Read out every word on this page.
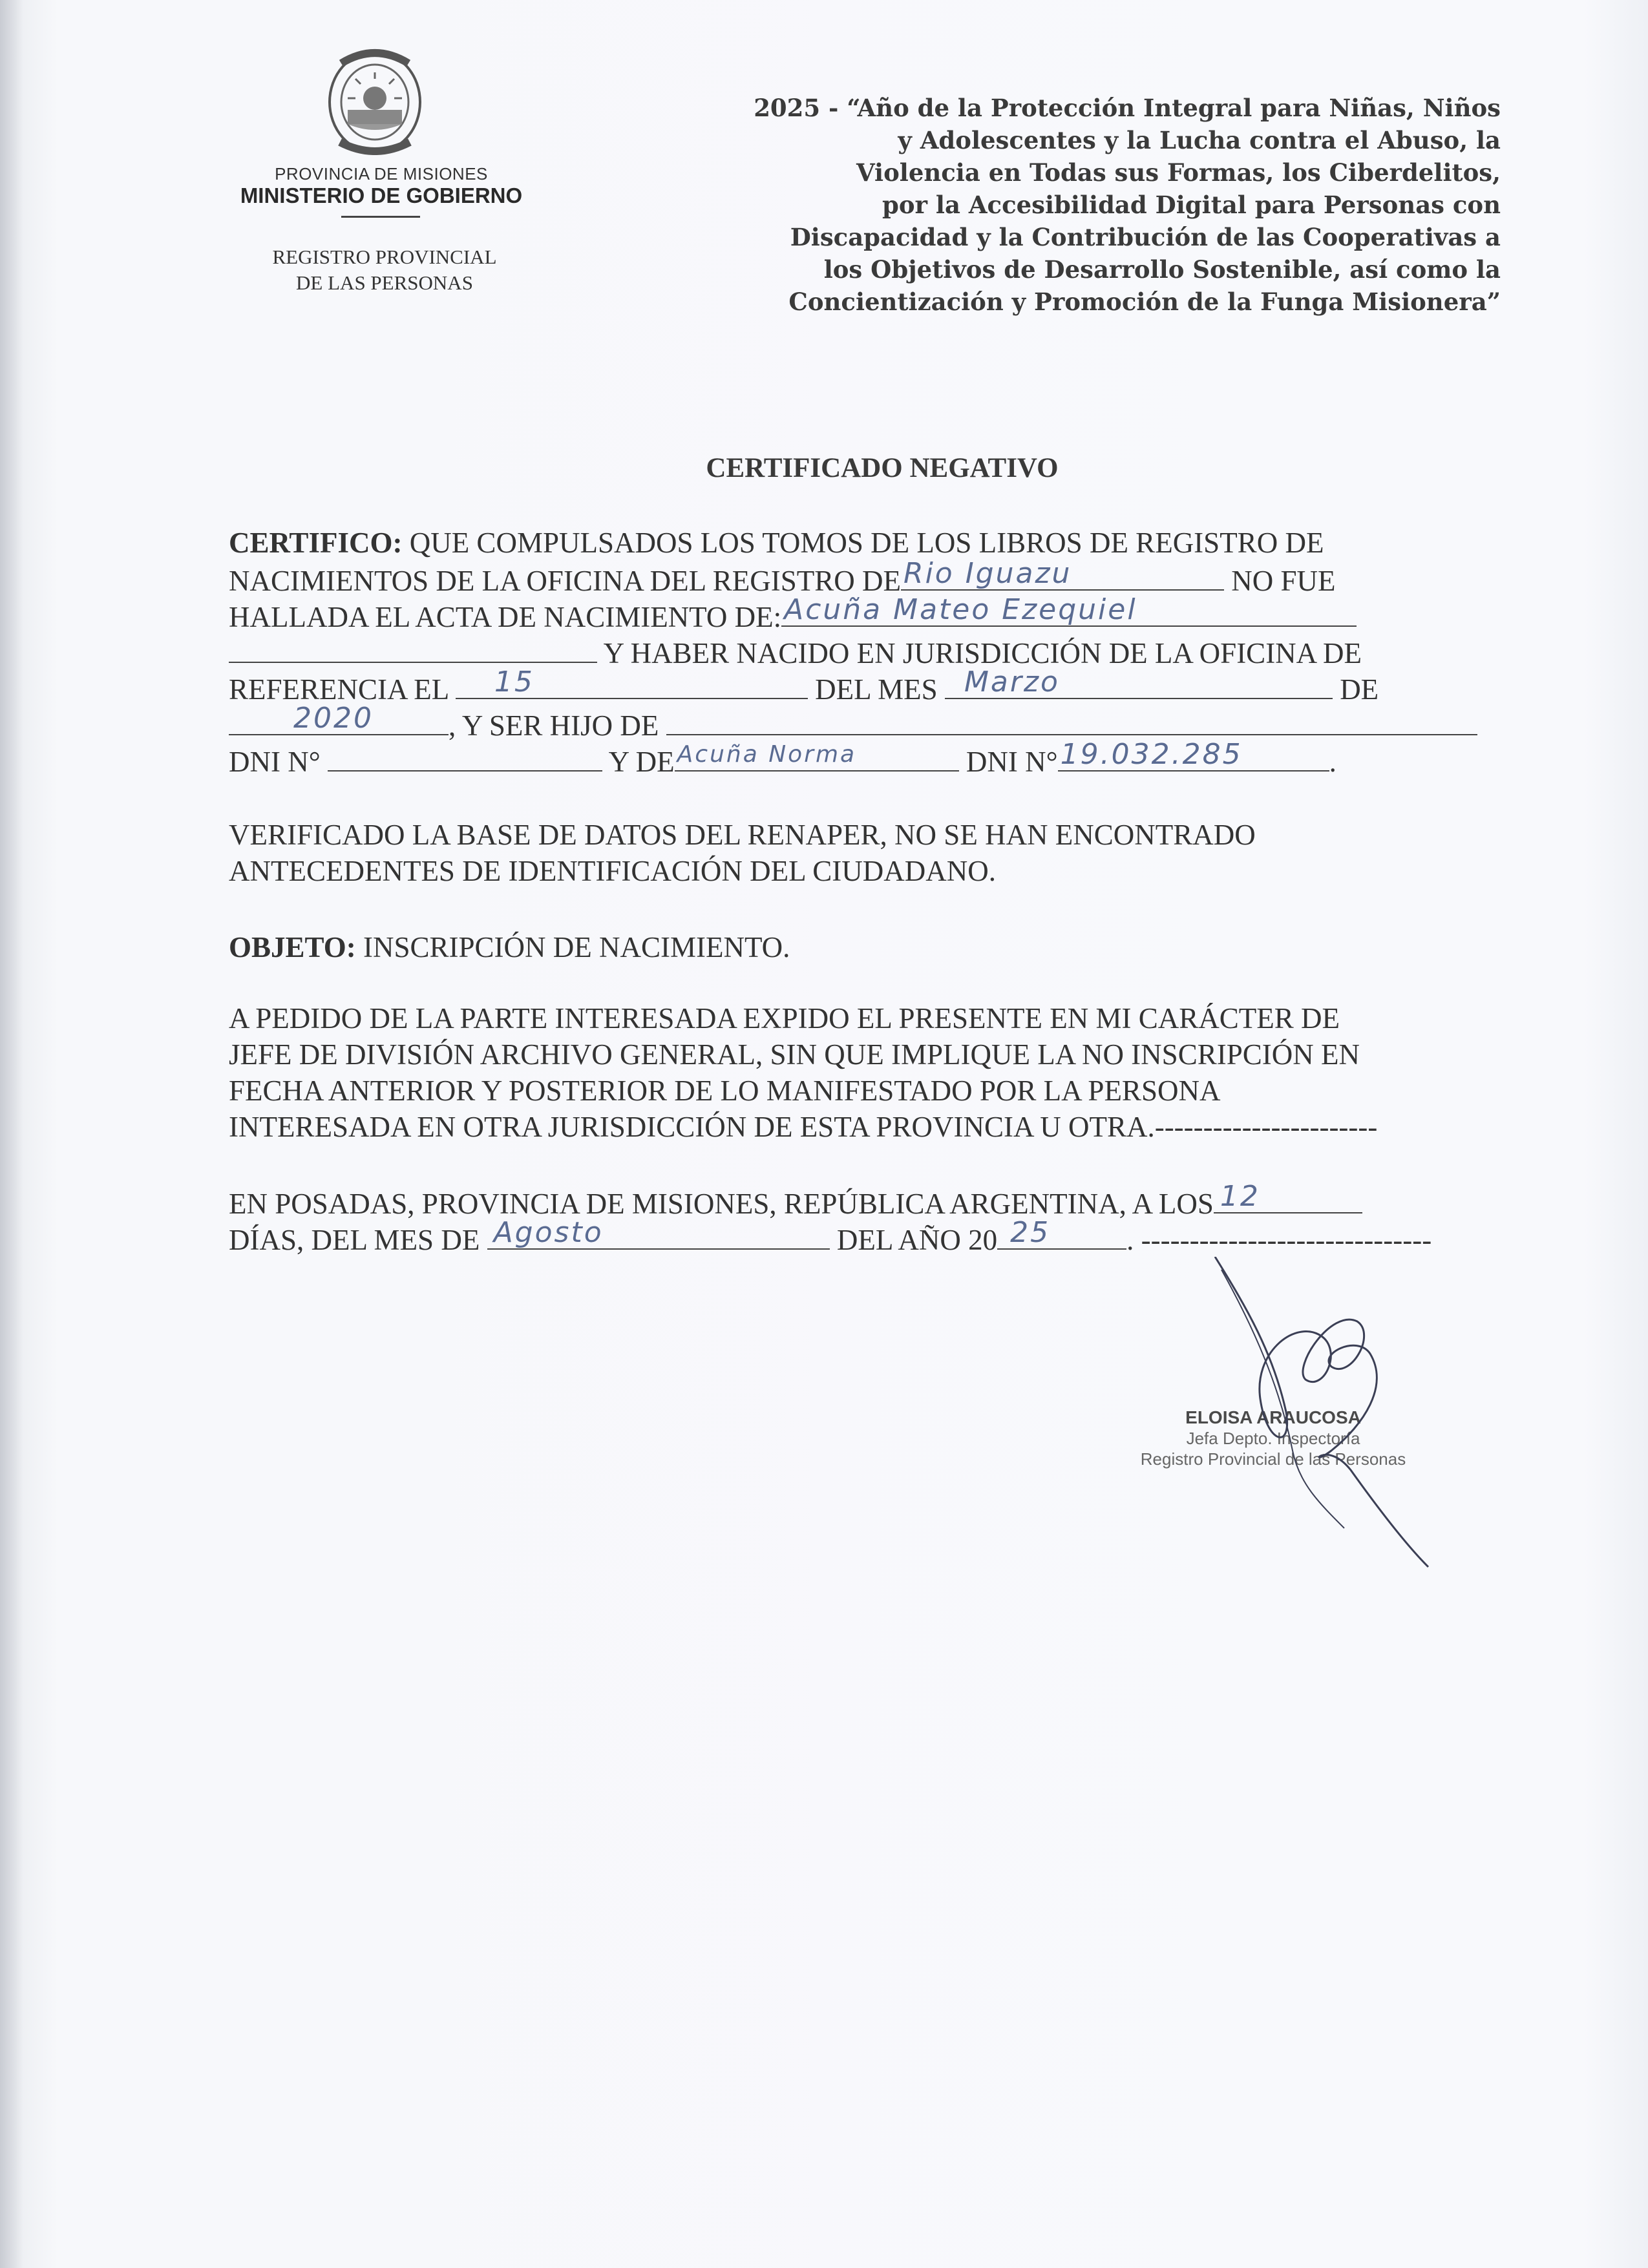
PROVINCIA DE MISIONES
MINISTERIO DE GOBIERNO
REGISTRO PROVINCIAL
DE LAS PERSONAS
2025 - “Año de la Protección Integral para Niñas, Niños
y Adolescentes y la Lucha contra el Abuso, la
Violencia en Todas sus Formas, los Ciberdelitos,
por la Accesibilidad Digital para Personas con
Discapacidad y la Contribución de las Cooperativas a
los Objetivos de Desarrollo Sostenible, así como la
Concientización y Promoción de la Funga Misionera”
CERTIFICADO NEGATIVO
CERTIFICO: QUE COMPULSADOS LOS TOMOS DE LOS LIBROS DE REGISTRO DE
NACIMIENTOS DE LA OFICINA DEL REGISTRO DE Rio Iguazu	NO FUE
HALLADA EL ACTA DE NACIMIENTO DE: Acuña Mateo Ezequiel
Y HABER NACIDO EN JURISDICCIÓN DE LA OFICINA DE
REFERENCIA EL 15	DEL MES Marzo	DE
2020	, Y SER HIJO DE
DNI N°	Y DE Acuña Norma	DNI N° 19.032.285	.
VERIFICADO LA BASE DE DATOS DEL RENAPER, NO SE HAN ENCONTRADO
ANTECEDENTES DE IDENTIFICACIÓN DEL CIUDADANO.
OBJETO: INSCRIPCIÓN DE NACIMIENTO.
A PEDIDO DE LA PARTE INTERESADA EXPIDO EL PRESENTE EN MI CARÁCTER DE
JEFE DE DIVISIÓN ARCHIVO GENERAL, SIN QUE IMPLIQUE LA NO INSCRIPCIÓN EN
FECHA ANTERIOR Y POSTERIOR DE LO MANIFESTADO POR LA PERSONA
INTERESADA EN OTRA JURISDICCIÓN DE ESTA PROVINCIA U OTRA.-----------------------
EN POSADAS, PROVINCIA DE MISIONES, REPÚBLICA ARGENTINA, A LOS 12
DÍAS, DEL MES DE Agosto	DEL AÑO 20 25	. ------------------------------
ELOISA ARAUCOSA
Jefa Depto. Inspectoría
Registro Provincial de las Personas
